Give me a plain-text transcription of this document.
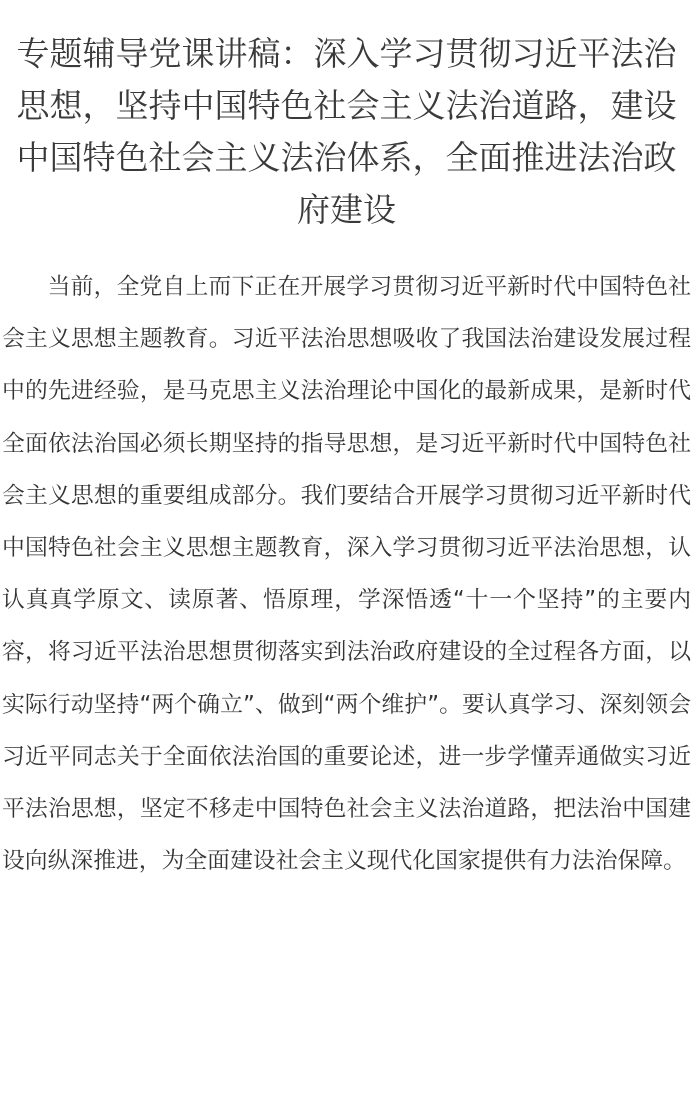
专题辅导党课讲稿：深入学习贯彻习近平法治思想，坚持中国特色社会主义法治道路，建设中国特色社会主义法治体系，全面推进法治政府建设

当前，全党自上而下正在开展学习贯彻习近平新时代中国特色社会主义思想主题教育。习近平法治思想吸收了我国法治建设发展过程中的先进经验，是马克思主义法治理论中国化的最新成果，是新时代全面依法治国必须长期坚持的指导思想，是习近平新时代中国特色社会主义思想的重要组成部分。我们要结合开展学习贯彻习近平新时代中国特色社会主义思想主题教育，深入学习贯彻习近平法治思想，认认真真学原文、读原著、悟原理，学深悟透“十一个坚持”的主要内容，将习近平法治思想贯彻落实到法治政府建设的全过程各方面，以实际行动坚持“两个确立”、做到“两个维护”。要认真学习、深刻领会习近平同志关于全面依法治国的重要论述，进一步学懂弄通做实习近平法治思想，坚定不移走中国特色社会主义法治道路，把法治中国建设向纵深推进，为全面建设社会主义现代化国家提供有力法治保障。
